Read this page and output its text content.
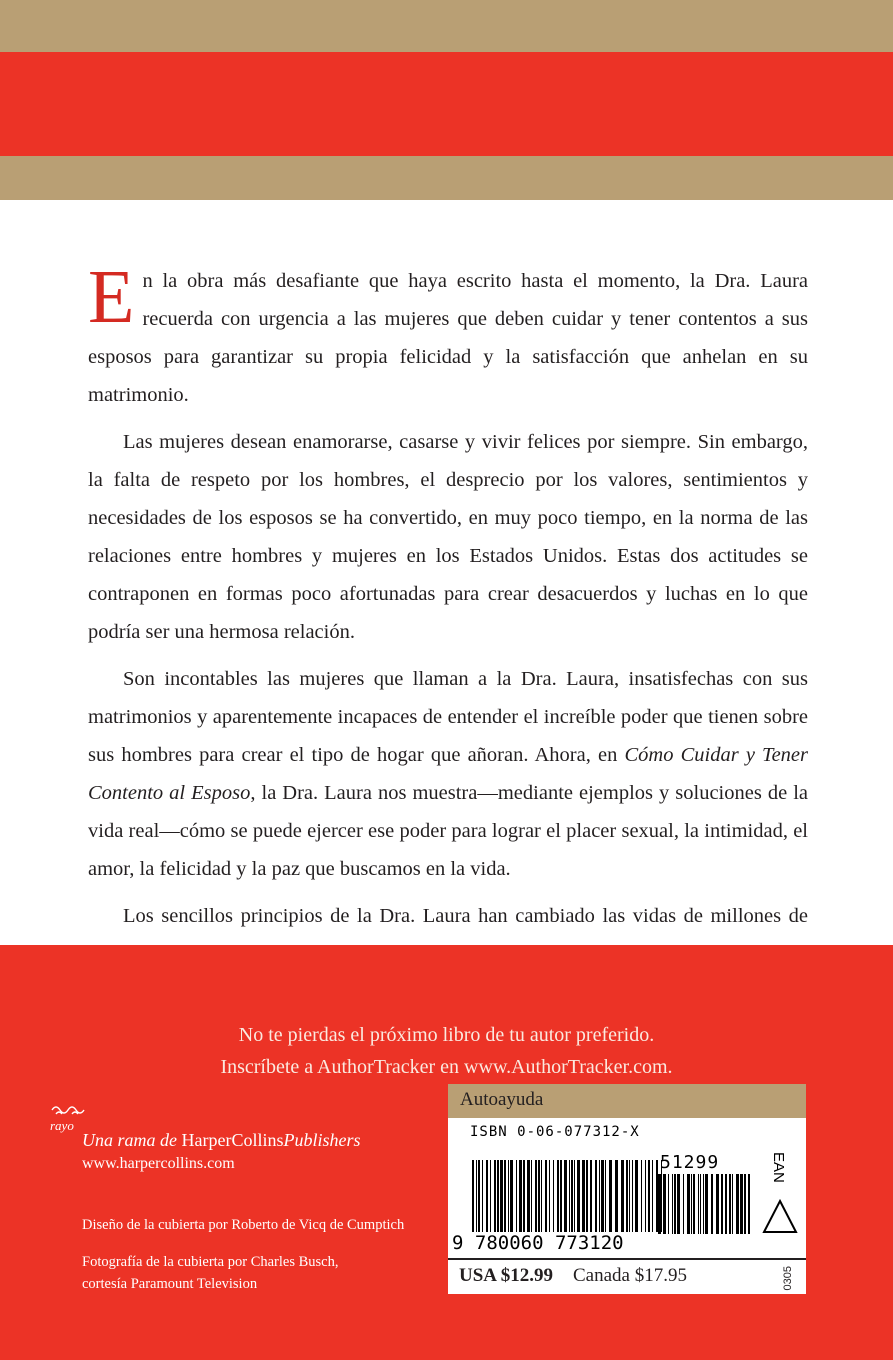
En la obra más desafiante que haya escrito hasta el momento, la Dra. Laura recuerda con urgencia a las mujeres que deben cuidar y tener contentos a sus esposos para garantizar su propia felicidad y la satisfacción que anhelan en su matrimonio.

Las mujeres desean enamorarse, casarse y vivir felices por siempre. Sin embargo, la falta de respeto por los hombres, el desprecio por los valores, sentimientos y necesidades de los esposos se ha convertido, en muy poco tiempo, en la norma de las relaciones entre hombres y mujeres en los Estados Unidos. Estas dos actitudes se contraponen en formas poco afortunadas para crear desacuerdos y luchas en lo que podría ser una hermosa relación.

Son incontables las mujeres que llaman a la Dra. Laura, insatisfechas con sus matrimonios y aparentemente incapaces de entender el increíble poder que tienen sobre sus hombres para crear el tipo de hogar que añoran. Ahora, en Cómo Cuidar y Tener Contento al Esposo, la Dra. Laura nos muestra—mediante ejemplos y soluciones de la vida real—cómo se puede ejercer ese poder para lograr el placer sexual, la intimidad, el amor, la felicidad y la paz que buscamos en la vida.

Los sencillos principios de la Dra. Laura han cambiado las vidas de millones de

No te pierdas el próximo libro de tu autor preferido.
Inscríbete a AuthorTracker en www.AuthorTracker.com.
rayo
Una rama de HarperCollinsPublishers
www.harpercollins.com
Diseño de la cubierta por Roberto de Vicq de Cumptich
Fotografía de la cubierta por Charles Busch,
cortesía Paramount Television
Autoayuda
ISBN 0-06-077312-X
51299
9 780060 773120
EAN
USA $12.99 Canada $17.95	0305
